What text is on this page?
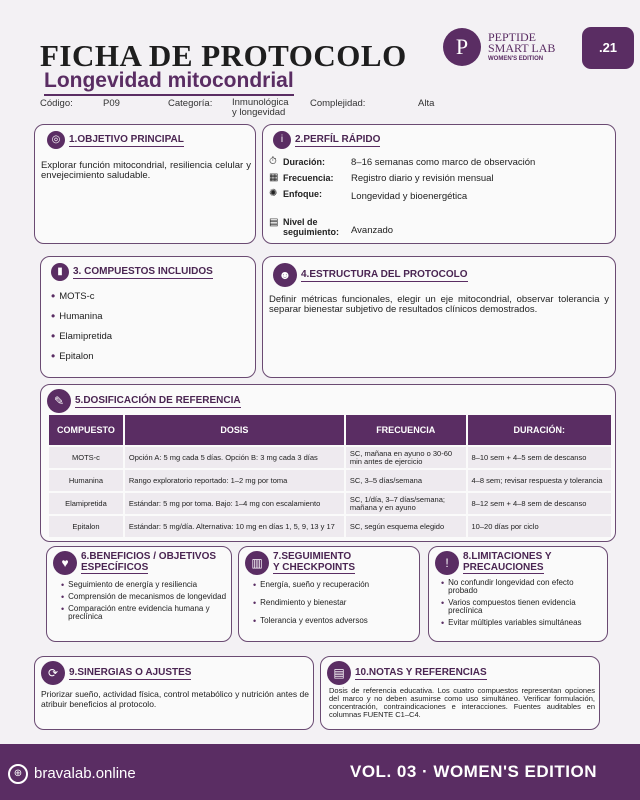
FICHA DE PROTOCOLO
Longevidad mitocondrial
P	PEPTIDE
SMART LAB
WOMEN'S EDITION
.21
Código:	P09	Categoría: Inmunológica
y longevidad
Complejidad:	Alta
◎ 1.OBJETIVO PRINCIPAL
Explorar función mitocondrial, resiliencia celular y envejecimiento saludable.
i	2.PERFÍL RÁPIDO
⏱ Duración:	8–16 semanas como marco de observación
▦ Frecuencia: Registro diario y revisión mensual
✺ Enfoque:	Longevidad y bioenergética
▤ Nivel de
seguimiento: Avanzado
▮	3. COMPUESTOS INCLUIDOS
• MOTS-c
• Humanina
• Elamipretida
• Epitalon
☻ 4.ESTRUCTURA DEL PROTOCOLO
Definir métricas funcionales, elegir un eje mitocondrial, observar tolerancia y separar bienestar subjetivo de resultados clínicos demostrados.
✎	5.DOSIFICACIÓN DE REFERENCIA
COMPUESTO	DOSIS	FRECUENCIA	DURACIÓN:
MOTS-c	Opción A: 5 mg cada 5 días. Opción B: 3 mg cada 3 días	SC, mañana en ayuno o 30-60 min antes de ejercicio	8–10 sem + 4–5 sem de descanso
Humanina	Rango exploratorio reportado: 1–2 mg por toma	SC, 3–5 días/semana	4–8 sem; revisar respuesta y tolerancia
Elamipretida	Estándar: 5 mg por toma. Bajo: 1–4 mg con escalamiento	SC, 1/día, 3–7 días/semana; mañana y en ayuno	8–12 sem + 4–8 sem de descanso
Epitalon	Estándar: 5 mg/día. Alternativa: 10 mg en días 1, 5, 9, 13 y 17	SC, según esquema elegido	10–20 días por ciclo
♥	6.BENEFICIOS / OBJETIVOS
ESPECÍFICOS
• Seguimiento de energía y resiliencia
• Comprensión de mecanismos de longevidad
• Comparación entre evidencia humana y preclínica
▥	7.SEGUIMIENTO
Y CHECKPOINTS
• Energía, sueño y recuperación
• Rendimiento y bienestar
• Tolerancia y eventos adversos
!	8.LIMITACIONES Y
PRECAUCIONES
• No confundir longevidad con efecto probado
• Varios compuestos tienen evidencia preclínica
• Evitar múltiples variables simultáneas
⟳	9.SINERGIAS O AJUSTES
Priorizar sueño, actividad física, control metabólico y nutrición antes de atribuir beneficios al protocolo.
▤	10.NOTAS Y REFERENCIAS
Dosis de referencia educativa. Los cuatro compuestos representan opciones del marco y no deben asumirse como uso simultáneo. Verificar formulación, concentración, contraindicaciones e interacciones. Fuentes auditables en columnas FUENTE C1–C4.
⊕ bravalab.online	VOL. 03 · WOMEN'S EDITION
